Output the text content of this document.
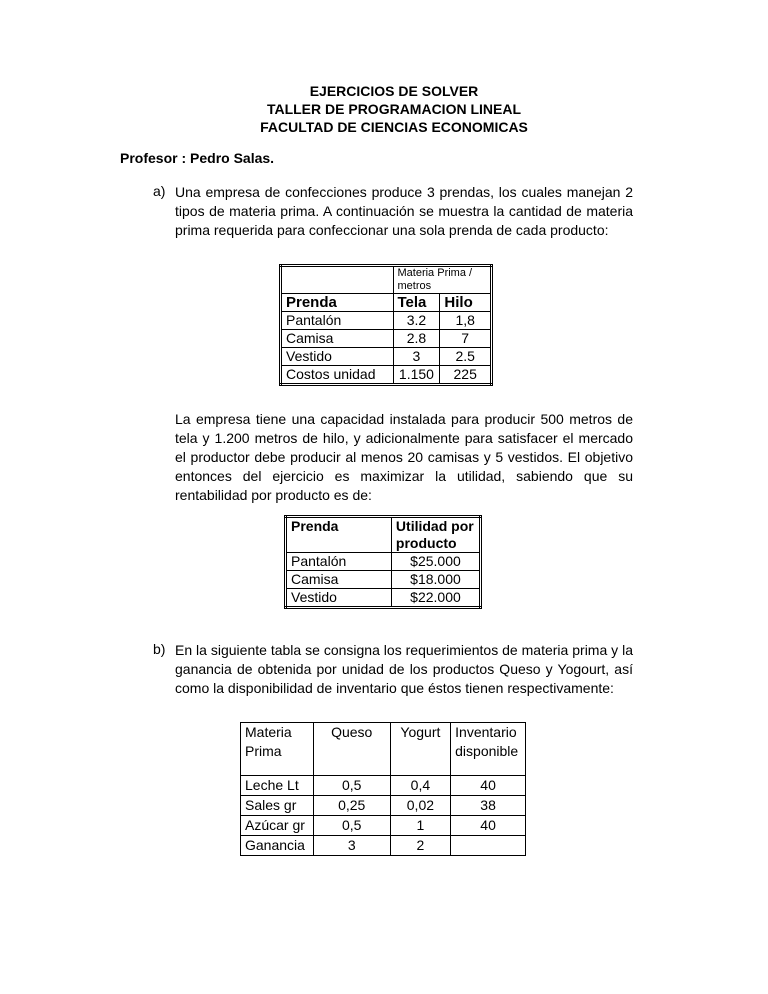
EJERCICIOS DE SOLVER
TALLER DE PROGRAMACION LINEAL
FACULTAD DE CIENCIAS ECONOMICAS
Profesor : Pedro Salas.
a) Una empresa de confecciones produce 3 prendas, los cuales manejan 2 tipos de materia prima. A continuación se muestra la cantidad de materia prima requerida para confeccionar una sola prenda de cada producto:
	Materia Prima / metros	
Prenda	Tela	Hilo
Pantalón	3.2	1,8
Camisa	2.8	7
Vestido	3	2.5
Costos unidad	1.150	225
La empresa tiene una capacidad instalada para producir 500 metros de tela y 1.200 metros de hilo, y adicionalmente para satisfacer el mercado el productor debe producir al menos 20 camisas y 5 vestidos. El objetivo entonces del ejercicio es maximizar la utilidad, sabiendo que su rentabilidad por producto es de:
Prenda	Utilidad por producto
Pantalón	$25.000
Camisa	$18.000
Vestido	$22.000
b) En la siguiente tabla se consigna los requerimientos de materia prima y la ganancia de obtenida por unidad de los productos Queso y Yogourt, así como la disponibilidad de inventario que éstos tienen respectivamente:
Materia Prima	Queso	Yogurt	Inventario disponible
Leche Lt	0,5	0,4	40
Sales gr	0,25	0,02	38
Azúcar gr	0,5	1	40
Ganancia	3	2	
